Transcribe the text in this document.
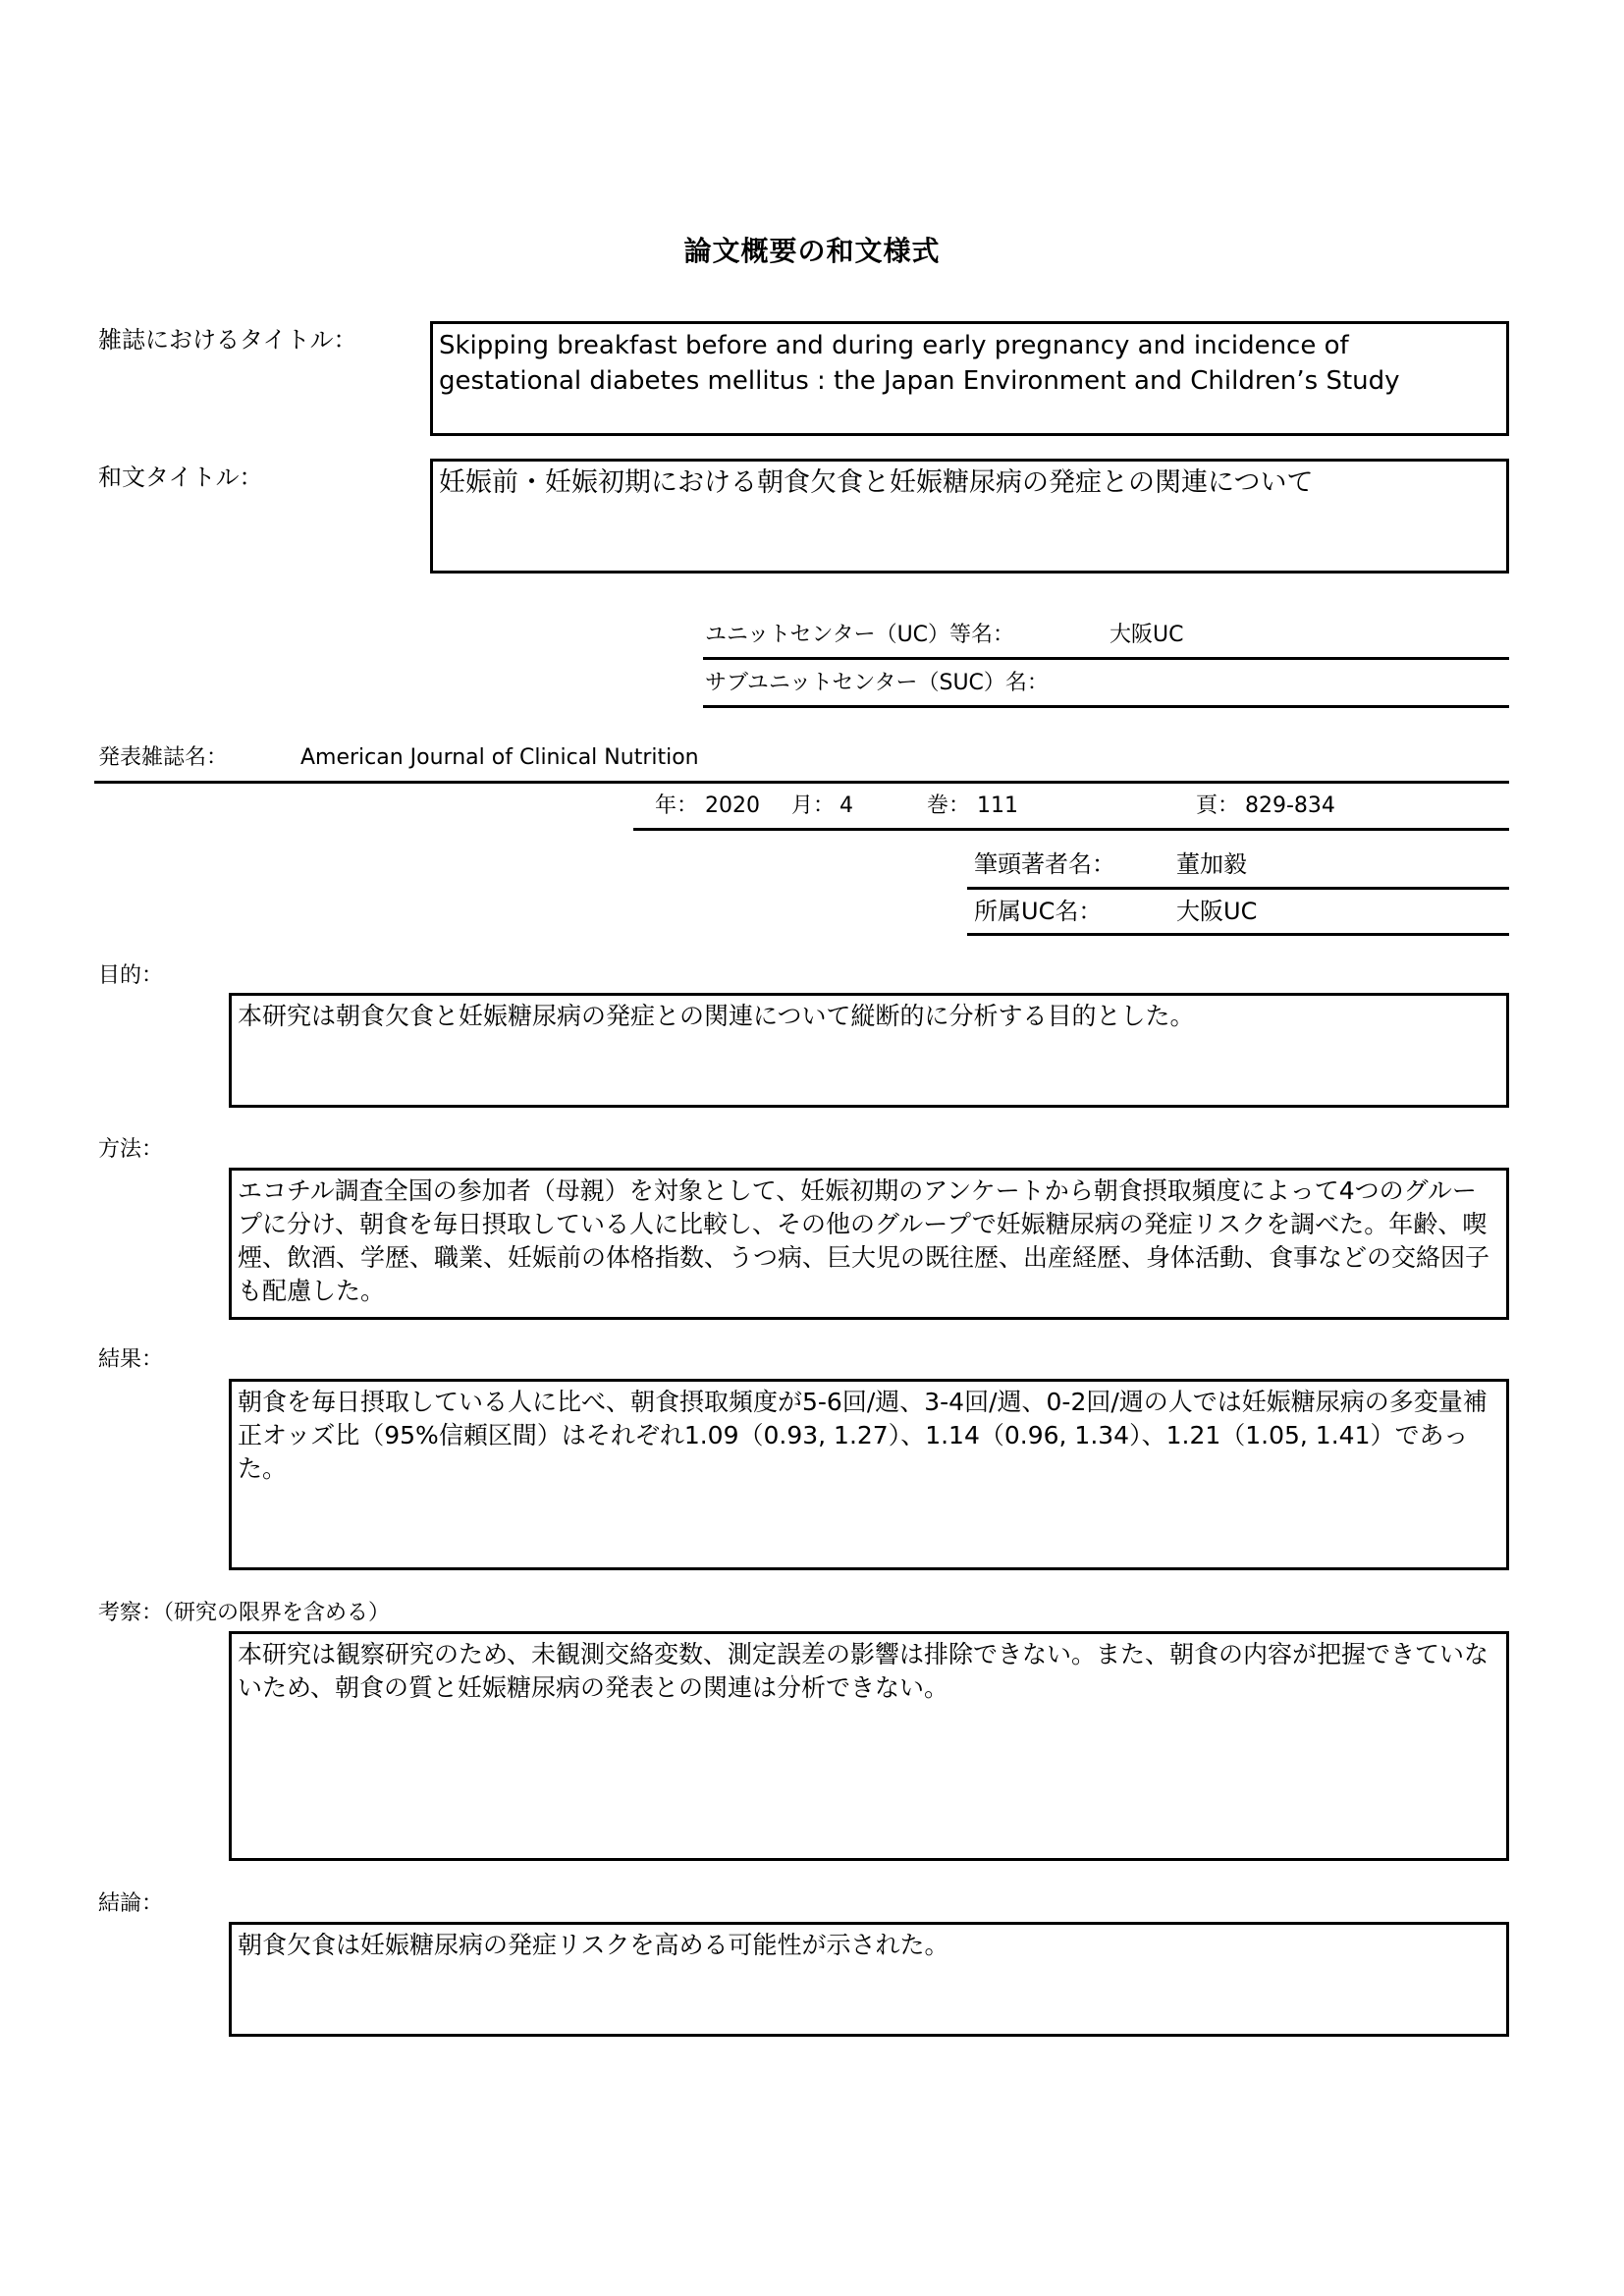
論文概要の和文様式
雑誌におけるタイトル：	Skipping breakfast before and during early pregnancy and incidence of gestational diabetes mellitus : the Japan Environment and Children’s Study
和文タイトル：	妊娠前・妊娠初期における朝食欠食と妊娠糖尿病の発症との関連について
ユニットセンター（UC）等名：	大阪UC
サブユニットセンター（SUC）名：
発表雑誌名：	American Journal of Clinical Nutrition
年： 2020 月： 4	巻： 111	頁： 829-834
筆頭著者名：	董加毅
所属UC名：	大阪UC
目的：
本研究は朝食欠食と妊娠糖尿病の発症との関連について縦断的に分析する目的とした。
方法：
エコチル調査全国の参加者（母親）を対象として、妊娠初期のアンケートから朝食摂取頻度によって4つのグループに分け、朝食を毎日摂取している人に比較し、その他のグループで妊娠糖尿病の発症リスクを調べた。年齢、喫煙、飲酒、学歴、職業、妊娠前の体格指数、うつ病、巨大児の既往歴、出産経歴、身体活動、食事などの交絡因子も配慮した。
結果：
朝食を毎日摂取している人に比べ、朝食摂取頻度が5-6回/週、3-4回/週、0-2回/週の人では妊娠糖尿病の多変量補正オッズ比（95%信頼区間）はそれぞれ1.09（0.93, 1.27）、1.14（0.96, 1.34）、1.21（1.05, 1.41）であった。
考察：（研究の限界を含める）
本研究は観察研究のため、未観測交絡変数、測定誤差の影響は排除できない。また、朝食の内容が把握できていないため、朝食の質と妊娠糖尿病の発表との関連は分析できない。
結論：
朝食欠食は妊娠糖尿病の発症リスクを高める可能性が示された。
